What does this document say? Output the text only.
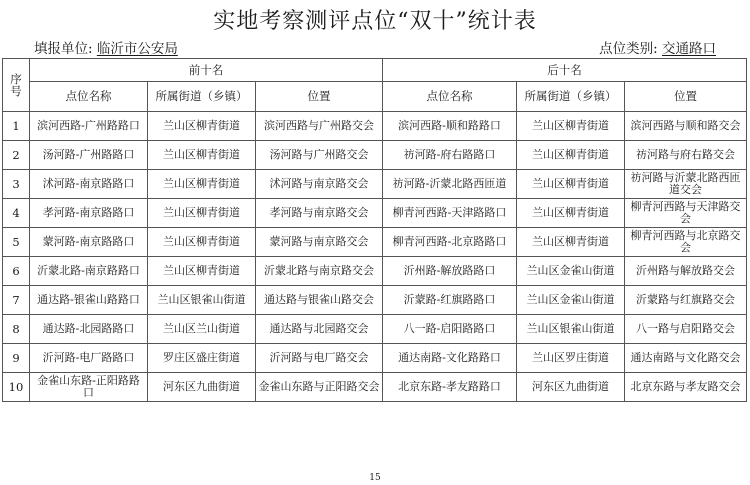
实地考察测评点位“双十”统计表
填报单位: 临沂市公安局	点位类别: 交通路口
序号	前十名			后十名		
	点位名称	所属街道（乡镇）	位置	点位名称	所属街道（乡镇）	位置
1	滨河西路-广州路路口	兰山区柳青街道	滨河西路与广州路交会	滨河西路-顺和路路口	兰山区柳青街道	滨河西路与顺和路交会
2	汤河路-广州路路口	兰山区柳青街道	汤河路与广州路交会	祊河路-府右路路口	兰山区柳青街道	祊河路与府右路交会
3	沭河路-南京路路口	兰山区柳青街道	沭河路与南京路交会	祊河路-沂蒙北路西匝道	兰山区柳青街道	祊河路与沂蒙北路西匝道交会
4	孝河路-南京路路口	兰山区柳青街道	孝河路与南京路交会	柳青河西路-天津路路口	兰山区柳青街道	柳青河西路与天津路交会
5	蒙河路-南京路路口	兰山区柳青街道	蒙河路与南京路交会	柳青河西路-北京路路口	兰山区柳青街道	柳青河西路与北京路交会
6	沂蒙北路-南京路路口	兰山区柳青街道	沂蒙北路与南京路交会	沂州路-解放路路口	兰山区金雀山街道	沂州路与解放路交会
7	通达路-银雀山路路口	兰山区银雀山街道	通达路与银雀山路交会	沂蒙路-红旗路路口	兰山区金雀山街道	沂蒙路与红旗路交会
8	通达路-北园路路口	兰山区兰山街道	通达路与北园路交会	八一路-启阳路路口	兰山区银雀山街道	八一路与启阳路交会
9	沂河路-电厂路路口	罗庄区盛庄街道	沂河路与电厂路交会	通达南路-文化路路口	兰山区罗庄街道	通达南路与文化路交会
10	金雀山东路-正阳路路口	河东区九曲街道	金雀山东路与正阳路交会	北京东路-孝友路路口	河东区九曲街道	北京东路与孝友路交会
15
